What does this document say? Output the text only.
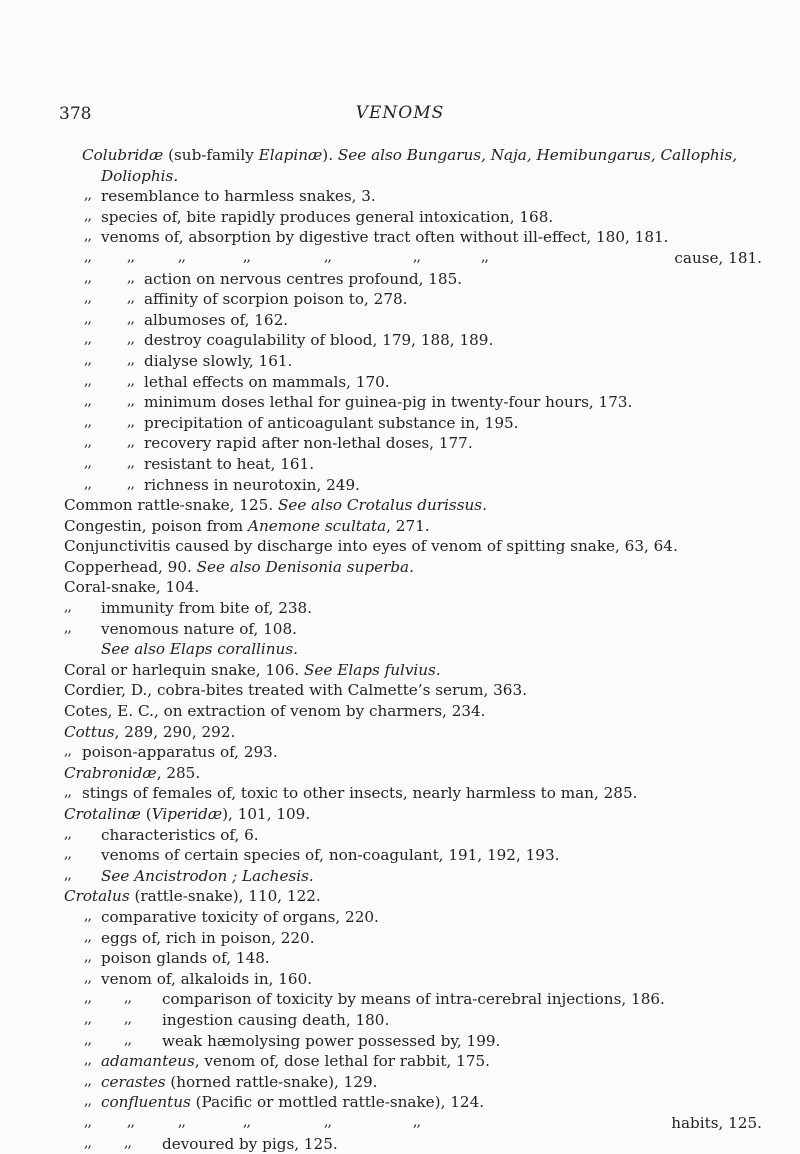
378	VENOMS
Colubridæ (sub-family Elapinæ). See also Bungarus, Naja, Hemibungarus, Callophis,
Doliophis.
,, resemblance to harmless snakes, 3.
,, species of, bite rapidly produces general intoxication, 168.
,, venoms of, absorption by digestive tract often without ill-effect, 180, 181.
,,	,,	,,	,,	,,	,,	,,	cause, 181.
,,	,, action on nervous centres profound, 185.
,,	,, affinity of scorpion poison to, 278.
,,	,, albumoses of, 162.
,,	,, destroy coagulability of blood, 179, 188, 189.
,,	,, dialyse slowly, 161.
,,	,, lethal effects on mammals, 170.
,,	,, minimum doses lethal for guinea-pig in twenty-four hours, 173.
,,	,, precipitation of anticoagulant substance in, 195.
,,	,, recovery rapid after non-lethal doses, 177.
,,	,, resistant to heat, 161.
,,	,, richness in neurotoxin, 249.
Common rattle-snake, 125. See also Crotalus durissus.
Congestin, poison from Anemone scultata, 271.
Conjunctivitis caused by discharge into eyes of venom of spitting snake, 63, 64.
Copperhead, 90. See also Denisonia superba.
Coral-snake, 104.
,, immunity from bite of, 238.
,, venomous nature of, 108.
See also Elaps corallinus.
Coral or harlequin snake, 106. See Elaps fulvius.
Cordier, D., cobra-bites treated with Calmette’s serum, 363.
Cotes, E. C., on extraction of venom by charmers, 234.
Cottus, 289, 290, 292.
,, poison-apparatus of, 293.
Crabronidæ, 285.
,, stings of females of, toxic to other insects, nearly harmless to man, 285.
Crotalinæ (Viperidæ), 101, 109.
,, characteristics of, 6.
,, venoms of certain species of, non-coagulant, 191, 192, 193.
,, See Ancistrodon ; Lachesis.
Crotalus (rattle-snake), 110, 122.
,, comparative toxicity of organs, 220.
,, eggs of, rich in poison, 220.
,, poison glands of, 148.
,, venom of, alkaloids in, 160.
,, ,, comparison of toxicity by means of intra-cerebral injections, 186.
,, ,, ingestion causing death, 180.
,, ,, weak hæmolysing power possessed by, 199.
,, adamanteus, venom of, dose lethal for rabbit, 175.
,, cerastes (horned rattle-snake), 129.
,, confluentus (Pacific or mottled rattle-snake), 124.
,,	,,	,,	,,	,,	,,	habits, 125.
,, ,, devoured by pigs, 125.
